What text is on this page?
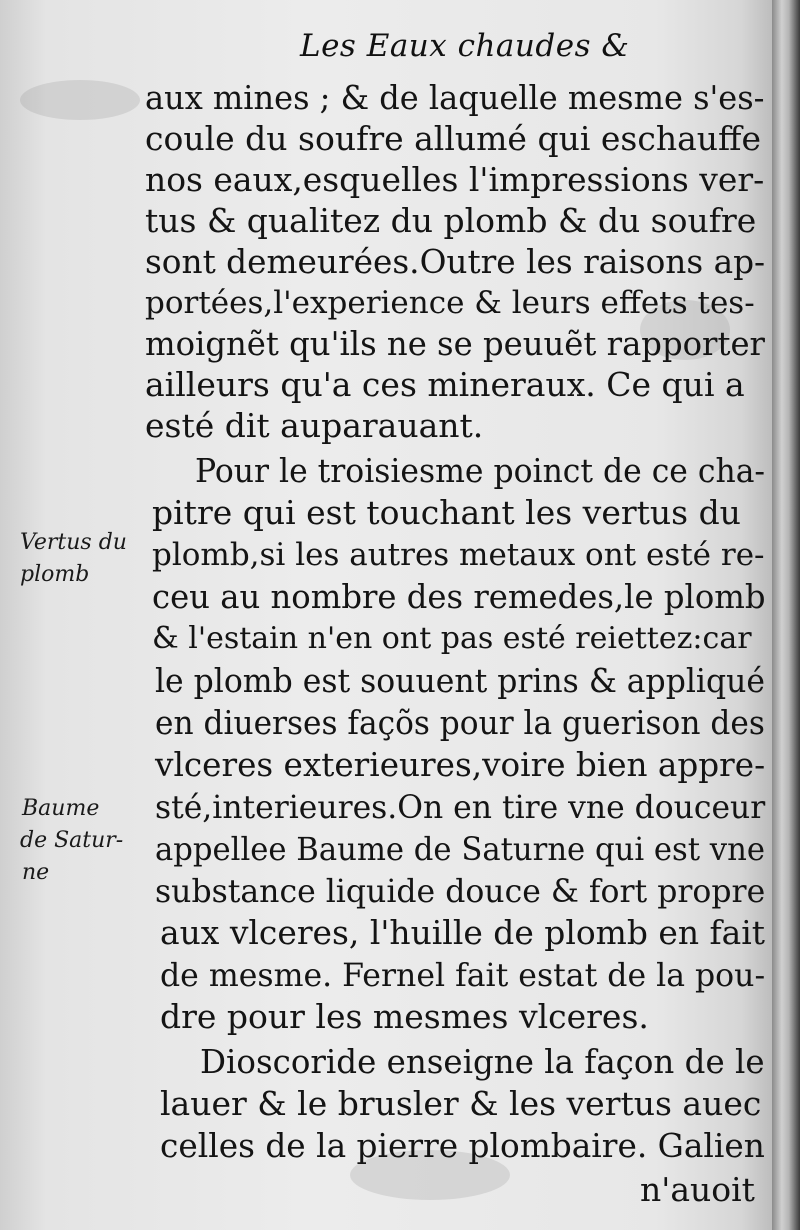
Les Eaux chaudes &
aux mines ; & de laquelle mesme s'es-
coule du soufre allumé qui eschauffe
nos eaux,esquelles l'impressions ver-
tus & qualitez du plomb & du soufre
sont demeurées.Outre les raisons ap-
portées,l'experience & leurs effets tes-
moignẽt qu'ils ne se peuuẽt rapporter
ailleurs qu'a ces mineraux. Ce qui a
esté dit auparauant.
Pour le troisiesme poinct de ce cha-
pitre qui est touchant les vertus du
plomb,si les autres metaux ont esté re-
ceu au nombre des remedes,le plomb
& l'estain n'en ont pas esté reiettez:car
le plomb est souuent prins & appliqué
en diuerses façõs pour la guerison des
vlceres exterieures,voire bien appre-
sté,interieures.On en tire vne douceur
appellee Baume de Saturne qui est vne
substance liquide douce & fort propre
aux vlceres, l'huille de plomb en fait
de mesme. Fernel fait estat de la pou-
dre pour les mesmes vlceres.
Dioscoride enseigne la façon de le
lauer & le brusler & les vertus auec
celles de la pierre plombaire. Galien
n'auoit
Vertus du
plomb
Baume
de Satur-
ne
